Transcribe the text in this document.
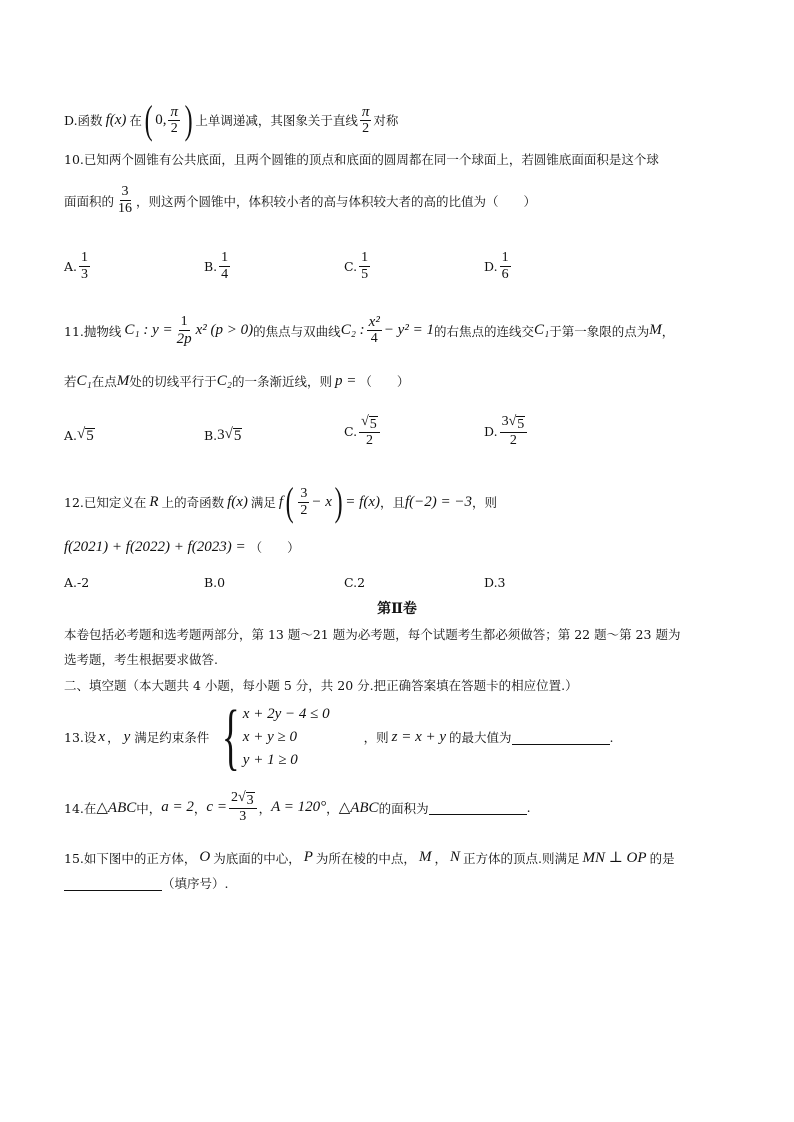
D.函数 f(x) 在 ( 0, $\frac{\pi}{2}$ ) 上单调递减，其图象关于直线 $\frac{\pi}{2}$ 对称
10.已知两个圆锥有公共底面，且两个圆锥的顶点和底面的圆周都在同一个球面上，若圆锥底面面积是这个球
面面积的 $\frac{3}{16}$ ，则这两个圆锥中，体积较小者的高与体积较大者的高的比值为（　　）
A. $\frac{1}{3}$	B. $\frac{1}{4}$	C. $\frac{1}{5}$	D. $\frac{1}{6}$
11.抛物线 C₁ : $y = \frac{1}{2p} x^2$ (p > 0) 的焦点与双曲线 C₂ : $\frac{\text{x²}}{4} - y^2 = 1$ 的右焦点的连线交 C₁ 于第一象限的点为 M ，
若 C₁ 在点 M 处的切线平行于 C₂ 的一条渐近线，则 p = （　　）
A. √ 5	B. 3 √ 5	C. $\frac{√ 5}{2}$	D. $\frac{3 √ 5}{2}$
12.已知定义在 R 上的奇函数 f(x) 满足 f ( $\frac{3}{2} - x$ ) = f(x) ，且 f(−2) = −3 ，则
f(2021) + f(2022) + f(2023) = （　　）
A.-2	B.0	C.2	D.3
第Ⅱ卷
本卷包括必考题和选考题两部分，第 13 题～21 题为必考题，每个试题考生都必须做答；第 22 题～第 23 题为
选考题，考生根据要求做答.
二、填空题（本大题共 4 小题，每小题 5 分，共 20 分.把正确答案填在答题卡的相应位置.）
13.设 x ， y 满足约束条件 { x + 2y − 4 ≤ 0
x + y ≥ 0
y + 1 ≥ 0
，则 z = x + y 的最大值为	.
14.在 △ABC 中， a = 2 ， $c = \frac{2 √ 3}{3}$ ， A = 120° ， △ABC 的面积为	.
15.如下图中的正方体， O 为底面的中心， P 为所在棱的中点， M ， N 正方体的顶点.则满足 MN ⊥ OP 的是
（填序号）.
